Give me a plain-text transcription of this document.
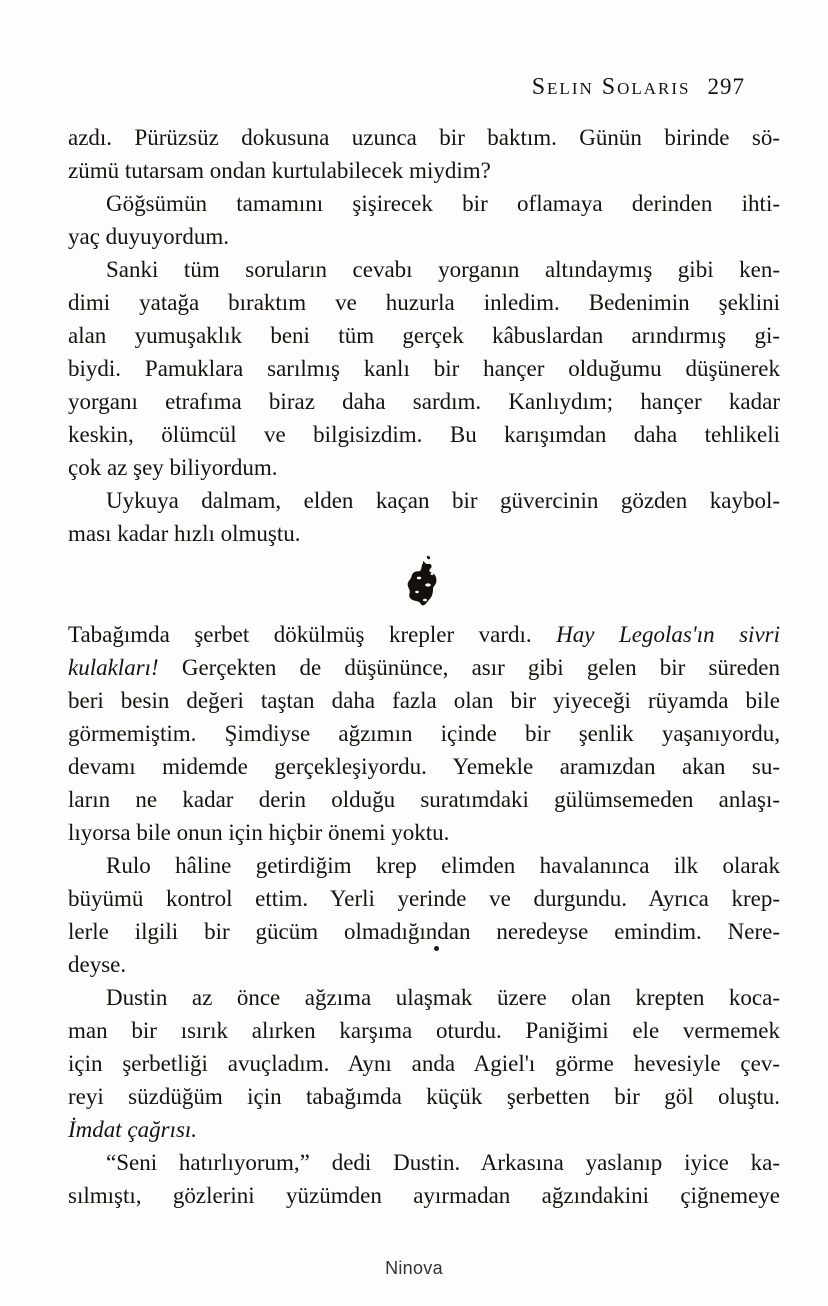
Selin Solaris 297
azdı. Pürüzsüz dokusuna uzunca bir baktım. Günün birinde sö-
zümü tutarsam ondan kurtulabilecek miydim?
Göğsümün tamamını şişirecek bir oflamaya derinden ihti-
yaç duyuyordum.
Sanki tüm soruların cevabı yorganın altındaymış gibi ken-
dimi yatağa bıraktım ve huzurla inledim. Bedenimin şeklini
alan yumuşaklık beni tüm gerçek kâbuslardan arındırmış gi-
biydi. Pamuklara sarılmış kanlı bir hançer olduğumu düşünerek
yorganı etrafıma biraz daha sardım. Kanlıydım; hançer kadar
keskin, ölümcül ve bilgisizdim. Bu karışımdan daha tehlikeli
çok az şey biliyordum.
Uykuya dalmam, elden kaçan bir güvercinin gözden kaybol-
ması kadar hızlı olmuştu.
Tabağımda şerbet dökülmüş krepler vardı. Hay Legolas'ın sivri
kulakları! Gerçekten de düşününce, asır gibi gelen bir süreden
beri besin değeri taştan daha fazla olan bir yiyeceği rüyamda bile
görmemiştim. Şimdiyse ağzımın içinde bir şenlik yaşanıyordu,
devamı midemde gerçekleşiyordu. Yemekle aramızdan akan su-
ların ne kadar derin olduğu suratımdaki gülümsemeden anlaşı-
lıyorsa bile onun için hiçbir önemi yoktu.
Rulo hâline getirdiğim krep elimden havalanınca ilk olarak
büyümü kontrol ettim. Yerli yerinde ve durgundu. Ayrıca krep-
lerle ilgili bir gücüm olmadığından neredeyse emindim. Nere-
deyse.
Dustin az önce ağzıma ulaşmak üzere olan krepten koca-
man bir ısırık alırken karşıma oturdu. Paniğimi ele vermemek
için şerbetliği avuçladım. Aynı anda Agiel'ı görme hevesiyle çev-
reyi süzdüğüm için tabağımda küçük şerbetten bir göl oluştu.
İmdat çağrısı.
“Seni hatırlıyorum,” dedi Dustin. Arkasına yaslanıp iyice ka-
sılmıştı, gözlerini yüzümden ayırmadan ağzındakini çiğnemeye
Ninova
